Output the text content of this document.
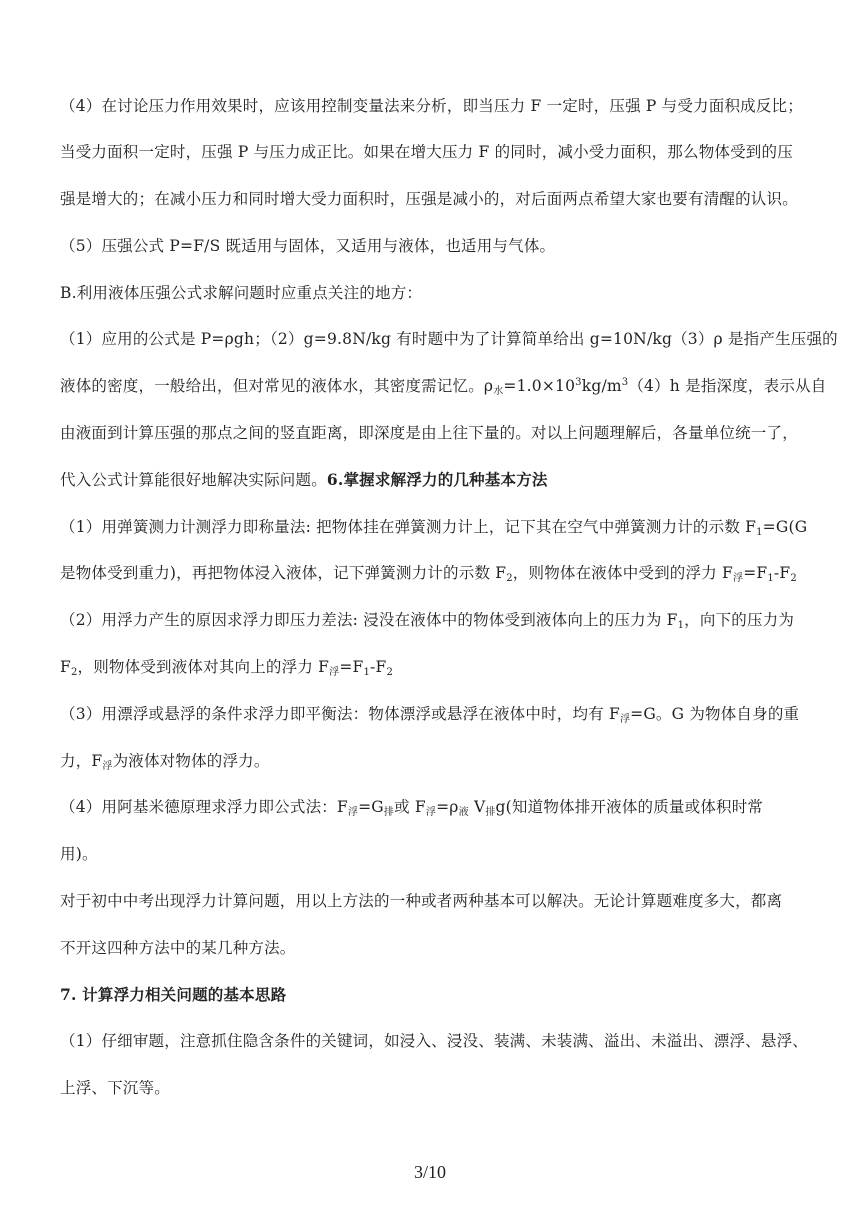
（4）在讨论压力作用效果时，应该用控制变量法来分析，即当压力 F 一定时，压强 P 与受力面积成反比；
当受力面积一定时，压强 P 与压力成正比。如果在增大压力 F 的同时，减小受力面积，那么物体受到的压
强是增大的；在减小压力和同时增大受力面积时，压强是减小的，对后面两点希望大家也要有清醒的认识。
（5）压强公式 P=F/S 既适用与固体，又适用与液体，也适用与气体。
B.利用液体压强公式求解问题时应重点关注的地方：
（1）应用的公式是 P=ρgh；（2）g=9.8N/kg 有时题中为了计算简单给出 g=10N/kg（3）ρ 是指产生压强的
液体的密度，一般给出，但对常见的液体水，其密度需记忆。$\rho_水=1.0\times 10^3kg/m^3(4)h$ 是指深度，表示从自
由液面到计算压强的那点之间的竖直距离，即深度是由上往下量的。对以上问题理解后，各量单位统一了，
代入公式计算能很好地解决实际问题。6.掌握求解浮力的几种基本方法
（1）用弹簧测力计测浮力即称量法: 把物体挂在弹簧测力计上，记下其在空气中弹簧测力计的示数 $F_1=G(G$
是物体受到重力)，再把物体浸入液体，记下弹簧测力计的示数 $F_2$，则物体在液体中受到的浮力 $F_浮=F_1-F_2$
（2）用浮力产生的原因求浮力即压力差法: 浸没在液体中的物体受到液体向上的压力为 $F_1$，向下的压力为
$F_2$，则物体受到液体对其向上的浮力 $F_浮=F_1-F_2$
（3）用漂浮或悬浮的条件求浮力即平衡法：物体漂浮或悬浮在液体中时，均有 $F_浮=G$。G 为物体自身的重
力，$F_浮$为液体对物体的浮力。
（4）用阿基米德原理求浮力即公式法：$F_浮=G_排$或 $F_浮=\rho_液$ $V_排g$(知道物体排开液体的质量或体积时常
用)。
对于初中中考出现浮力计算问题，用以上方法的一种或者两种基本可以解决。无论计算题难度多大，都离
不开这四种方法中的某几种方法。
7. 计算浮力相关问题的基本思路
（1）仔细审题，注意抓住隐含条件的关键词，如浸入、浸没、装满、未装满、溢出、未溢出、漂浮、悬浮、
上浮、下沉等。
3/10
